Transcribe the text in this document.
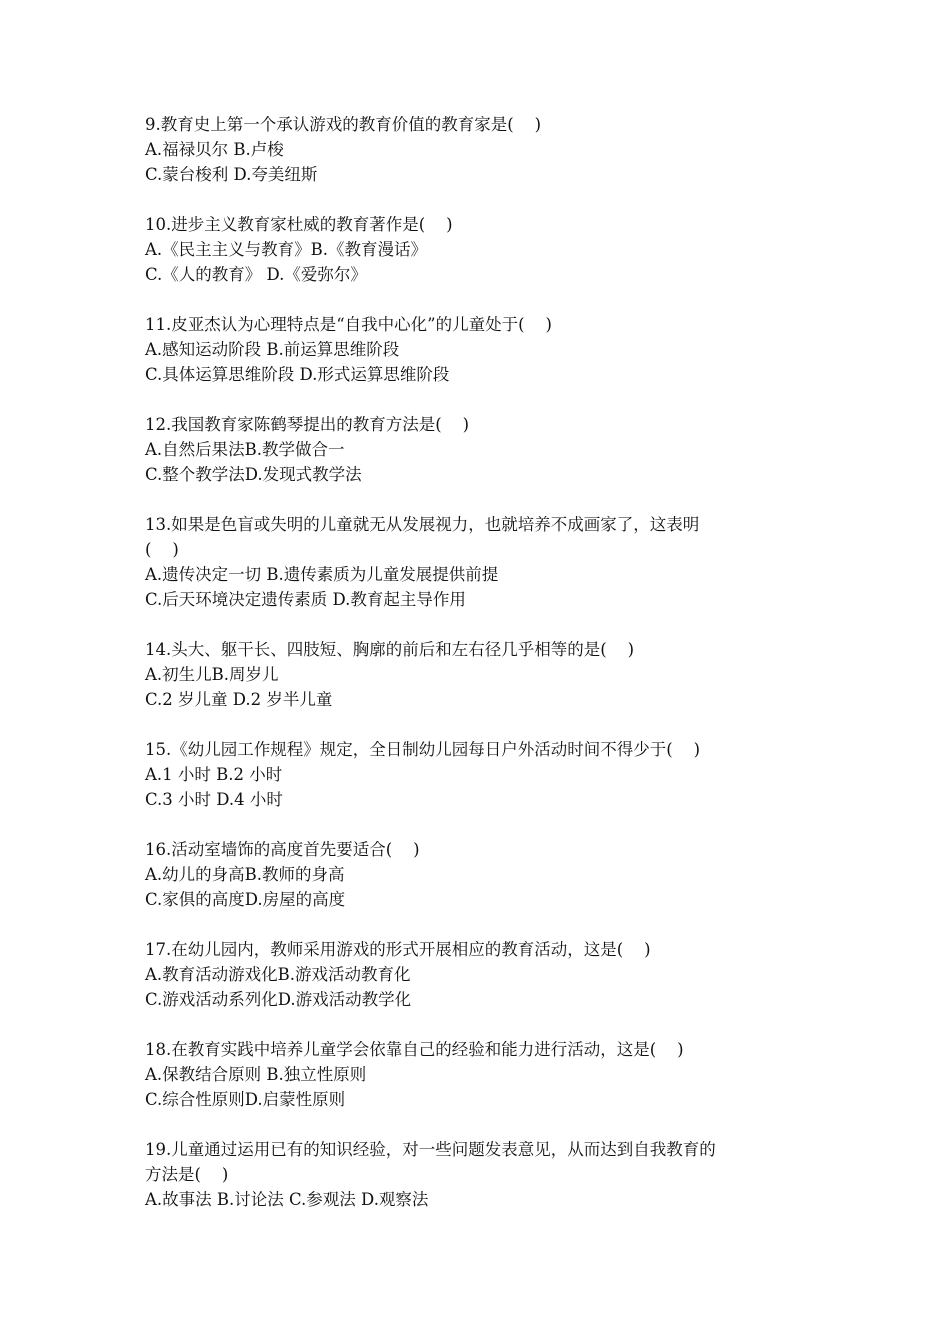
9.教育史上第一个承认游戏的教育价值的教育家是(    )
A.福禄贝尔 B.卢梭
C.蒙台梭利 D.夸美纽斯
10.进步主义教育家杜威的教育著作是(    )
A.《民主主义与教育》B.《教育漫话》
C.《人的教育》 D.《爱弥尔》
11.皮亚杰认为心理特点是“自我中心化”的儿童处于(    )
A.感知运动阶段 B.前运算思维阶段
C.具体运算思维阶段 D.形式运算思维阶段
12.我国教育家陈鹤琴提出的教育方法是(    )
A.自然后果法B.教学做合一
C.整个教学法D.发现式教学法
13.如果是色盲或失明的儿童就无从发展视力，也就培养不成画家了，这表明
(    )
A.遗传决定一切 B.遗传素质为儿童发展提供前提
C.后天环境决定遗传素质 D.教育起主导作用
14.头大、躯干长、四肢短、胸廓的前后和左右径几乎相等的是(    )
A.初生儿B.周岁儿
C.2 岁儿童 D.2 岁半儿童
15.《幼儿园工作规程》规定，全日制幼儿园每日户外活动时间不得少于(    )
A.1 小时 B.2 小时
C.3 小时 D.4 小时
16.活动室墙饰的高度首先要适合(    )
A.幼儿的身高B.教师的身高
C.家俱的高度D.房屋的高度
17.在幼儿园内，教师采用游戏的形式开展相应的教育活动，这是(    )
A.教育活动游戏化B.游戏活动教育化
C.游戏活动系列化D.游戏活动教学化
18.在教育实践中培养儿童学会依靠自己的经验和能力进行活动，这是(    )
A.保教结合原则 B.独立性原则
C.综合性原则D.启蒙性原则
19.儿童通过运用已有的知识经验，对一些问题发表意见，从而达到自我教育的
方法是(    )
A.故事法 B.讨论法 C.参观法 D.观察法
